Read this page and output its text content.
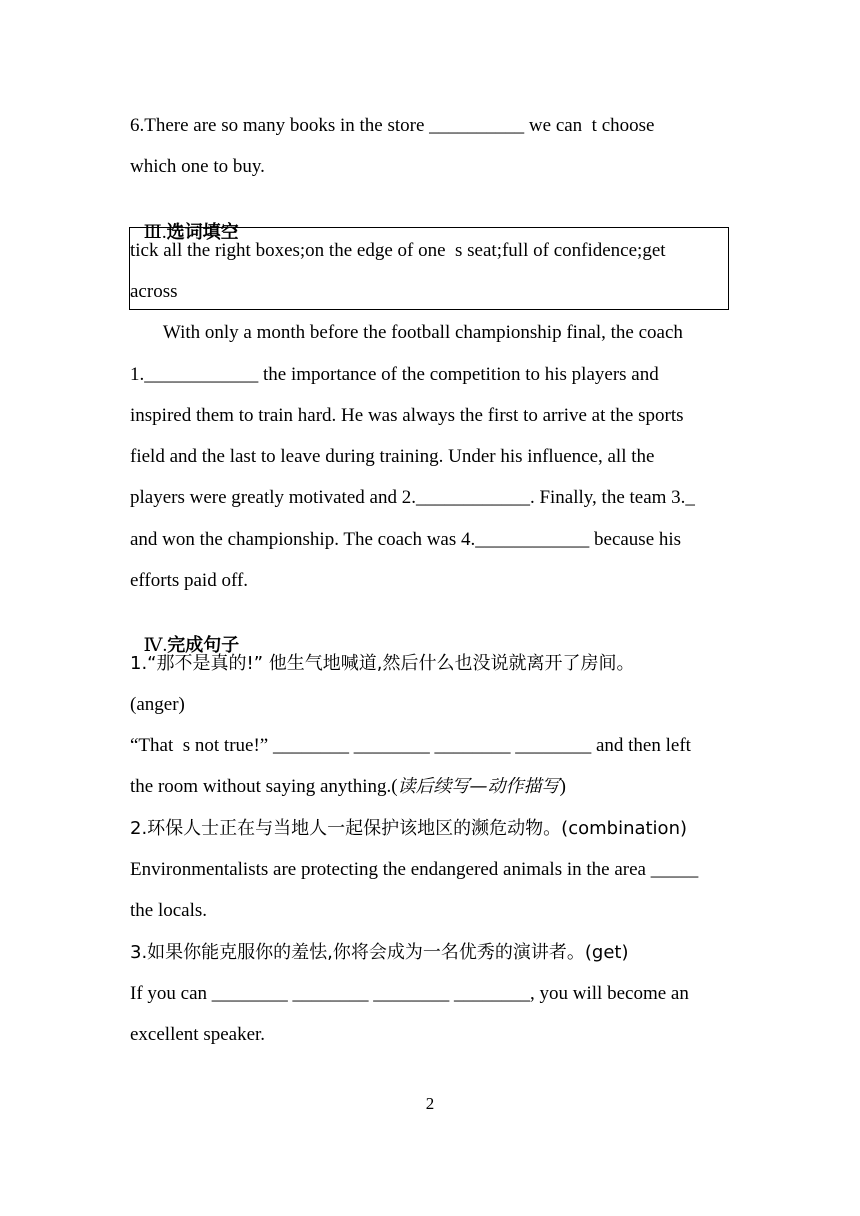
6.There are so many books in the store __________ we can  t choose
which one to buy.

Ⅲ.选词填空

tick all the right boxes;on the edge of one  s seat;full of confidence;get
across
With only a month before the football championship final, the coach
1.____________ the importance of the competition to his players and
inspired them to train hard. He was always the first to arrive at the sports
field and the last to leave during training. Under his influence, all the
players were greatly motivated and 2.____________. Finally, the team 3._
and won the championship. The coach was 4.____________ because his
efforts paid off.

Ⅳ.完成句子

1.“那不是真的!” 他生气地喊道,然后什么也没说就离开了房间。
(anger)
“That  s not true!” ________ ________ ________ ________ and then left
the room without saying anything.(读后续写—动作描写)
2.环保人士正在与当地人一起保护该地区的濒危动物。(combination)
Environmentalists are protecting the endangered animals in the area _____
the locals.
3.如果你能克服你的羞怯,你将会成为一名优秀的演讲者。(get)
If you can ________ ________ ________ ________, you will become an
excellent speaker.
2
